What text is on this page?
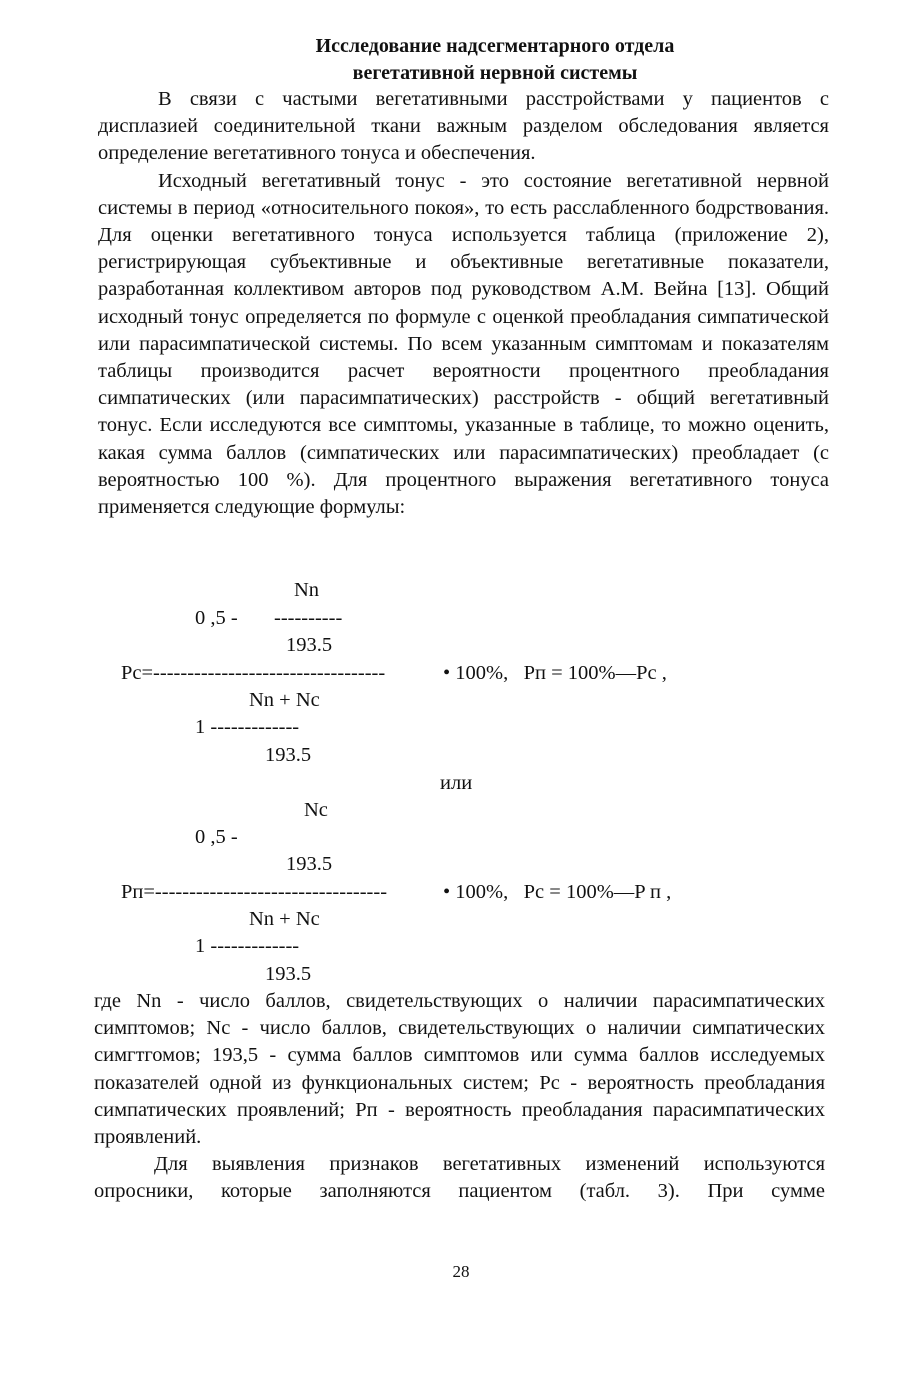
Исследование надсегментарного отдела
вегетативной нервной системы

В связи с частыми вегетативными расстройствами у пациентов с дисплазией соединительной ткани важным разделом обследования является определение вегетативного тонуса и обеспечения.

Исходный вегетативный тонус - это состояние вегетативной нервной системы в период «относительного покоя», то есть расслабленного бодрствования. Для оценки вегетативного тонуса используется таблица (приложение 2), регистрирующая субъективные и объективные вегетативные показатели, разработанная коллективом авторов под руководством А.М. Вейна [13]. Общий исходный тонус определяется по формуле с оценкой преобладания симпатической или парасимпатической системы. По всем указанным симптомам и показателям таблицы производится расчет вероятности процентного преобладания симпатических (или парасимпатических) расстройств - общий вегетативный тонус. Если исследуются все симптомы, указанные в таблице, то можно оценить, какая сумма баллов (симпатических или парасимпатических) преобладает (с вероятностью 100 %). Для процентного выражения вегетативного тонуса применяется следующие формулы:

Nn
0 ,5 - ----------
193.5
Pc=----------------------------------	• 100%,   Pп = 100%—Pc ,
Nn + Nc
1 -------------
193.5
или
Nc
0 ,5 -
193.5
Pп=----------------------------------	• 100%,   Pc = 100%—P п ,
Nn + Nc
1 -------------
193.5

где Nn - число баллов, свидетельствующих о наличии парасимпатических симптомов; Nc - число баллов, свидетельствующих о наличии симпатических симгтгомов; 193,5 - сумма баллов симптомов или сумма баллов исследуемых показателей одной из функциональных систем; Рс - вероятность преобладания симпатических проявлений; Рп - вероятность преобладания парасимпатических проявлений.

Для выявления признаков вегетативных изменений используются опросники, которые заполняются пациентом (табл. 3). При сумме

28
